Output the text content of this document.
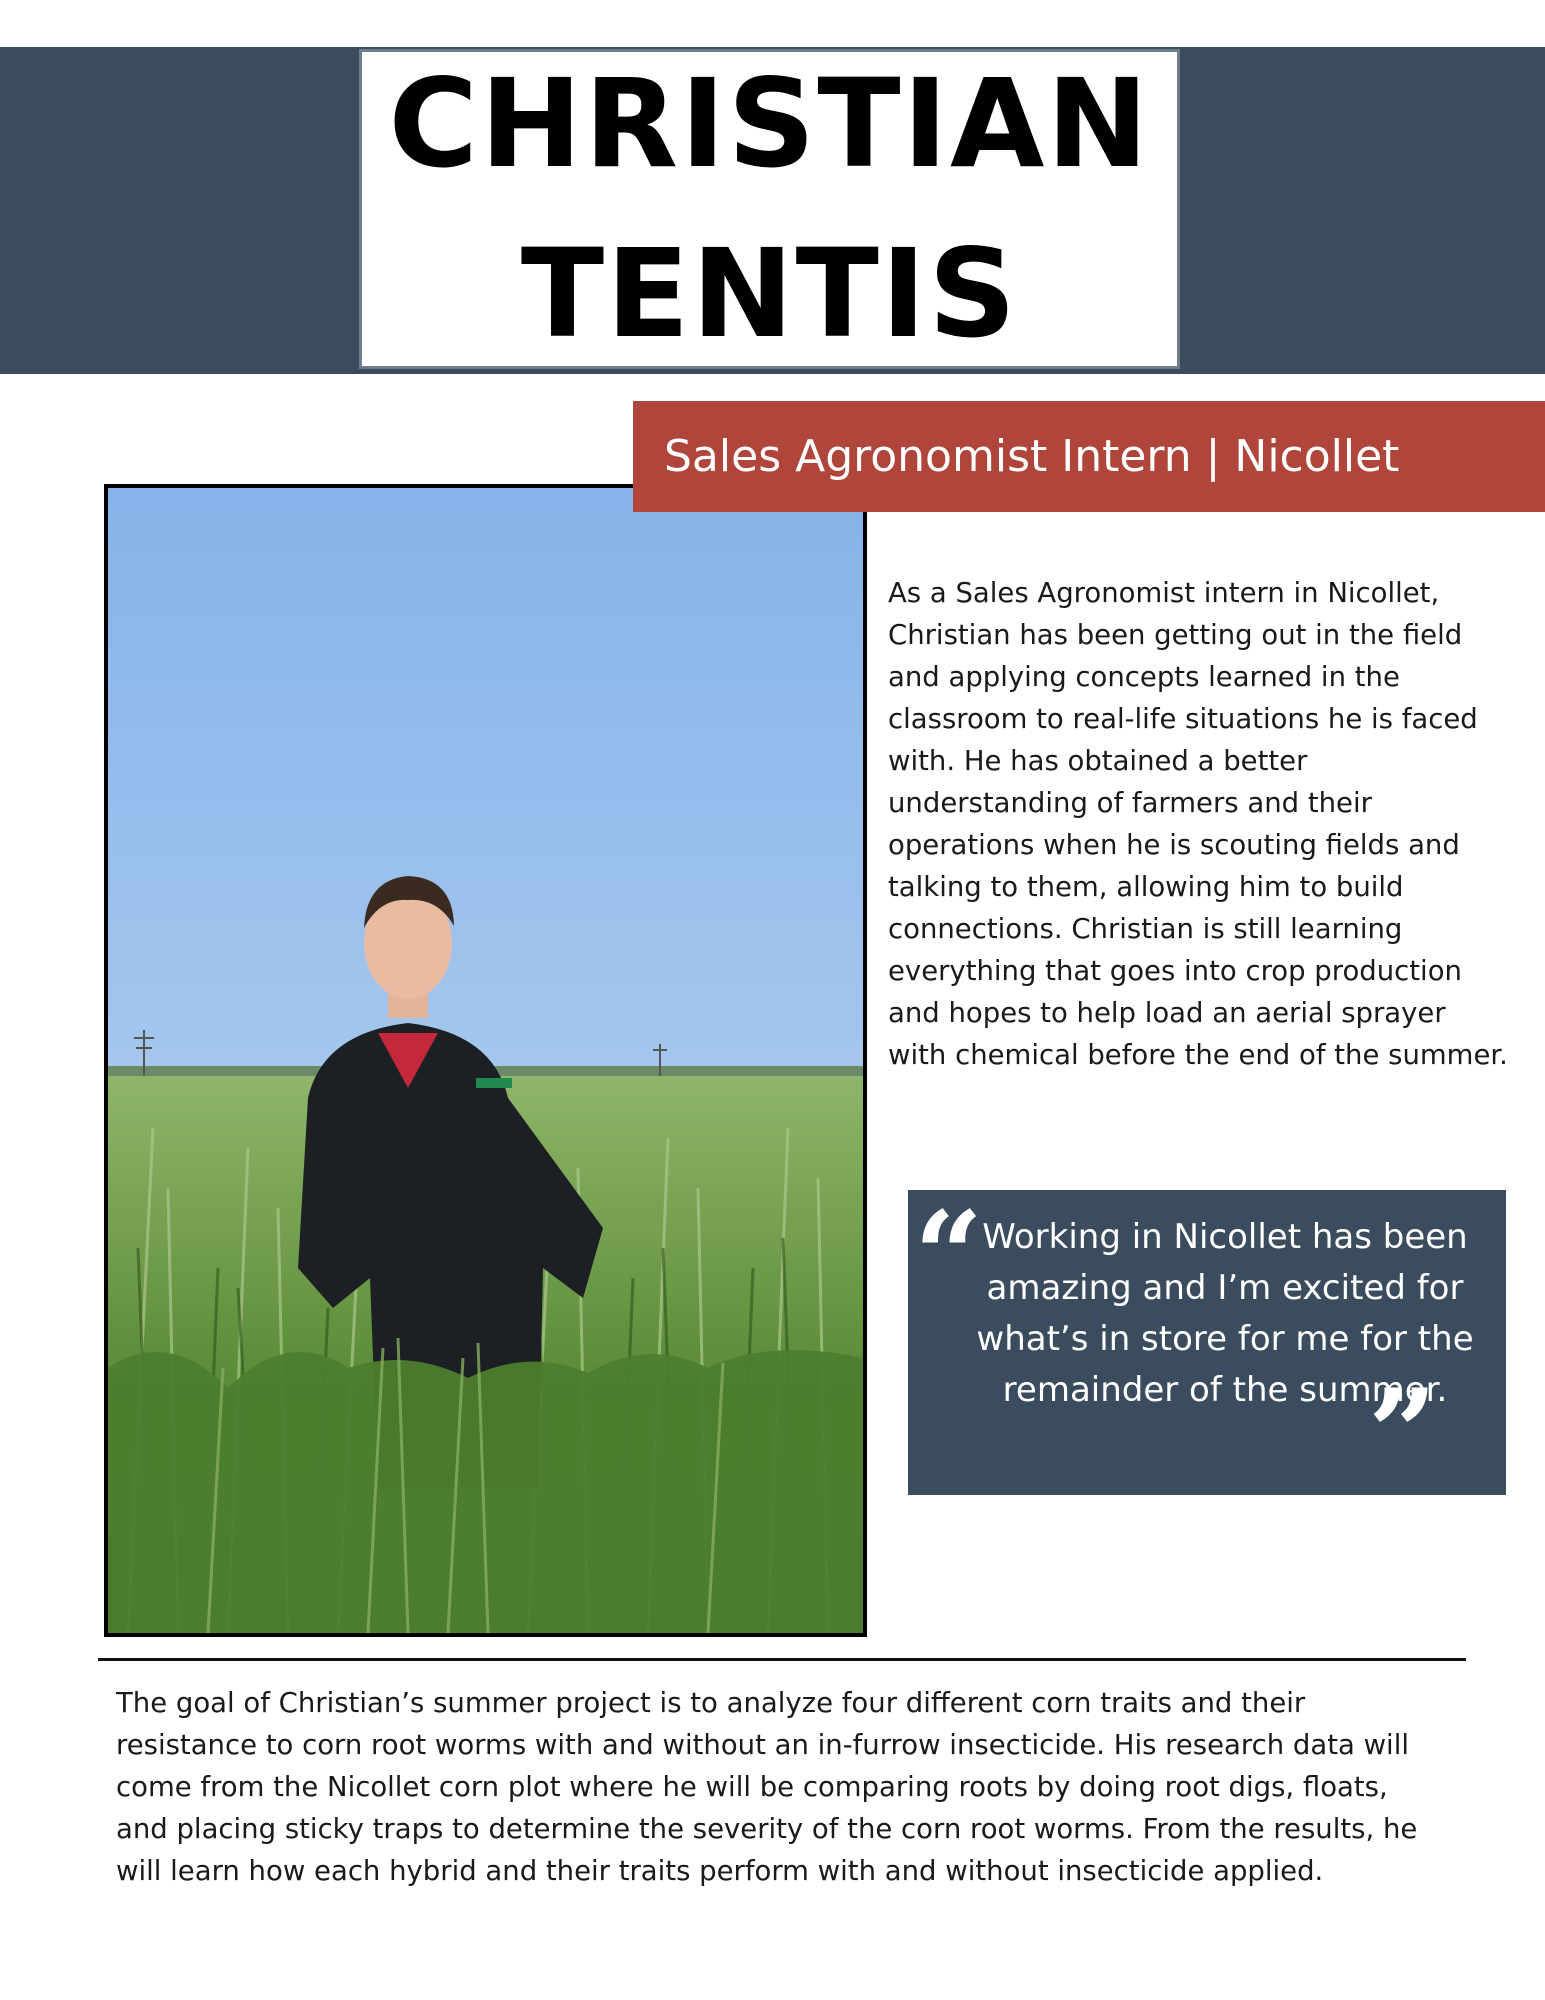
CHRISTIAN
TENTIS
Sales Agronomist Intern | Nicollet

As a Sales Agronomist intern in Nicollet, Christian has been getting out in the field and applying concepts learned in the classroom to real-life situations he is faced with. He has obtained a better understanding of farmers and their operations when he is scouting fields and talking to them, allowing him to build connections. Christian is still learning everything that goes into crop production and hopes to help load an aerial sprayer with chemical before the end of the summer.

“ Working in Nicollet has been amazing and I’m excited for what’s in store for me for the remainder of the summer.
”

The goal of Christian’s summer project is to analyze four different corn traits and their resistance to corn root worms with and without an in-furrow insecticide. His research data will come from the Nicollet corn plot where he will be comparing roots by doing root digs, floats, and placing sticky traps to determine the severity of the corn root worms. From the results, he will learn how each hybrid and their traits perform with and without insecticide applied.
